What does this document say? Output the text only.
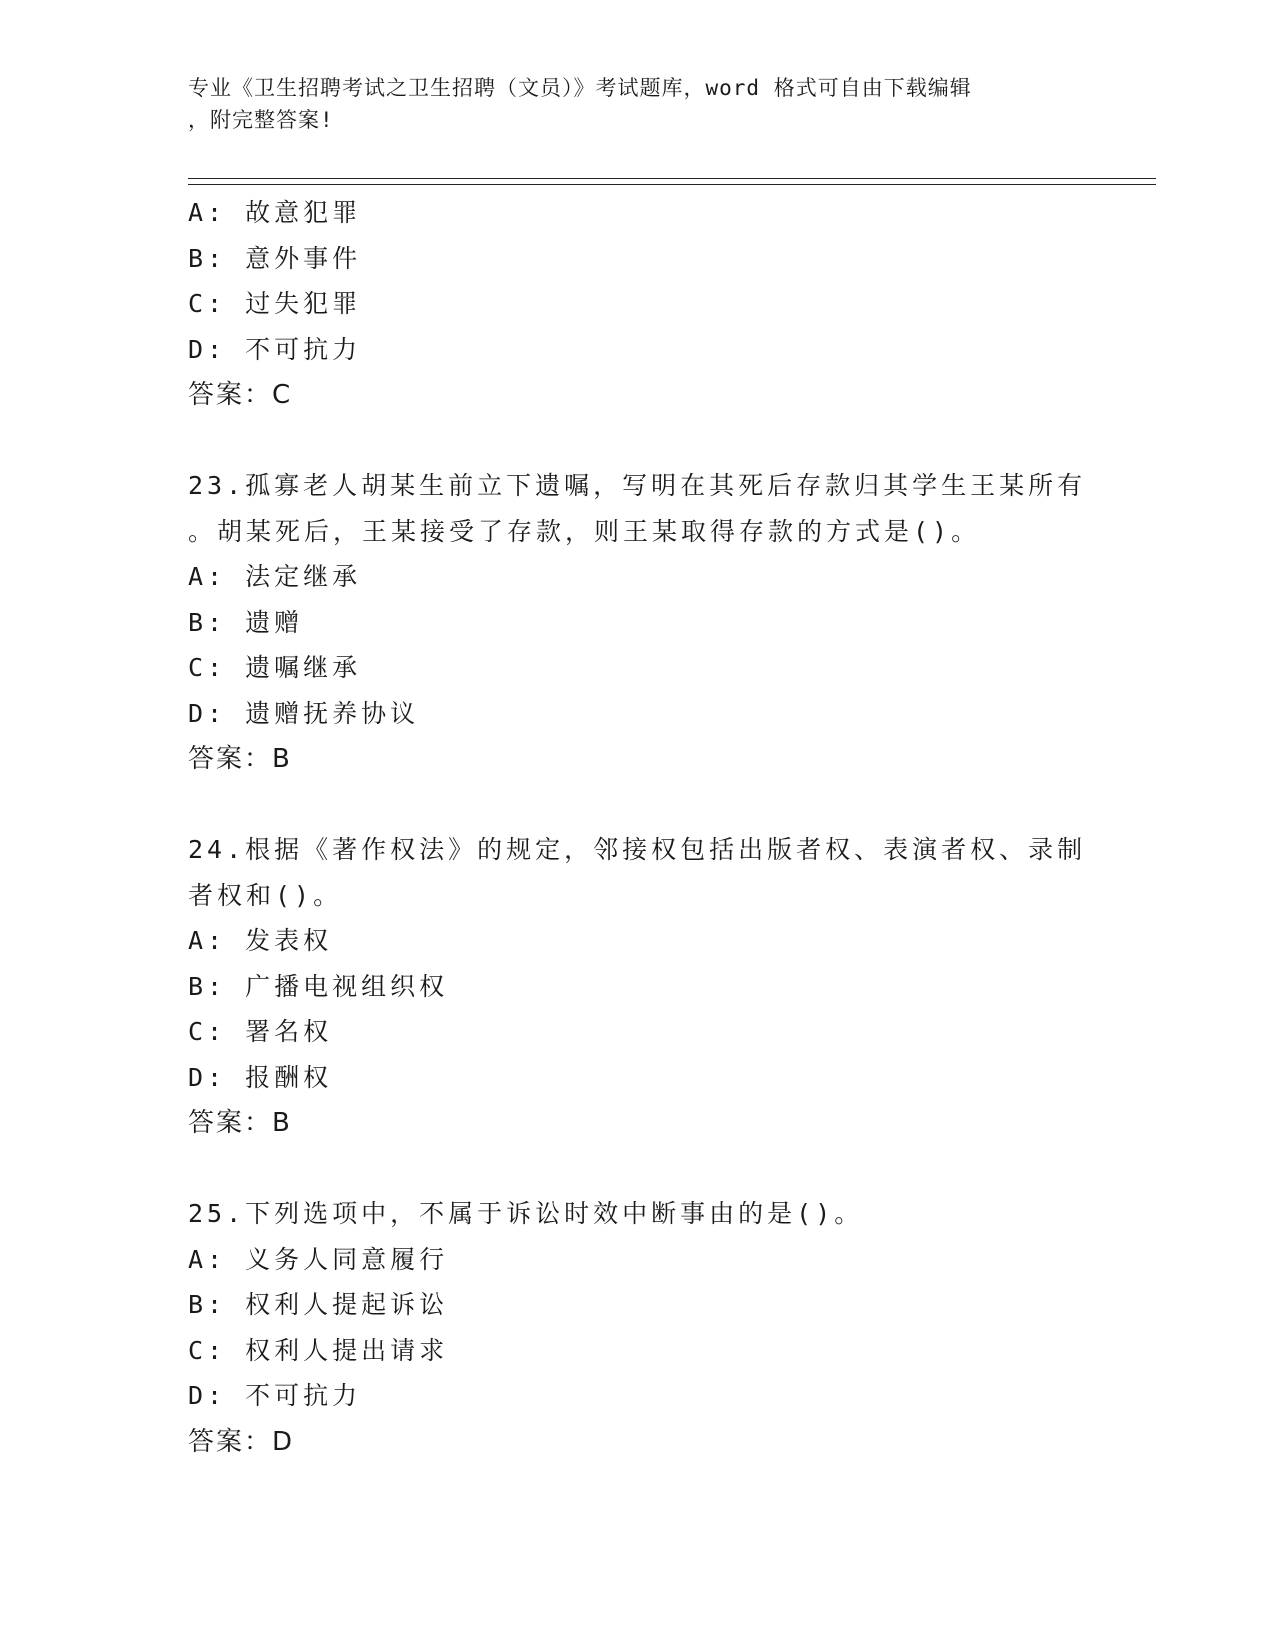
专业《卫生招聘考试之卫生招聘（文员）》考试题库，word 格式可自由下载编辑
，附完整答案!
A: 故意犯罪
B: 意外事件
C: 过失犯罪
D: 不可抗力
答案：C
23.孤寡老人胡某生前立下遗嘱，写明在其死后存款归其学生王某所有
。胡某死后，王某接受了存款，则王某取得存款的方式是()。
A: 法定继承
B: 遗赠
C: 遗嘱继承
D: 遗赠抚养协议
答案：B
24.根据《著作权法》的规定，邻接权包括出版者权、表演者权、录制
者权和()。
A: 发表权
B: 广播电视组织权
C: 署名权
D: 报酬权
答案：B
25.下列选项中，不属于诉讼时效中断事由的是()。
A: 义务人同意履行
B: 权利人提起诉讼
C: 权利人提出请求
D: 不可抗力
答案：D
